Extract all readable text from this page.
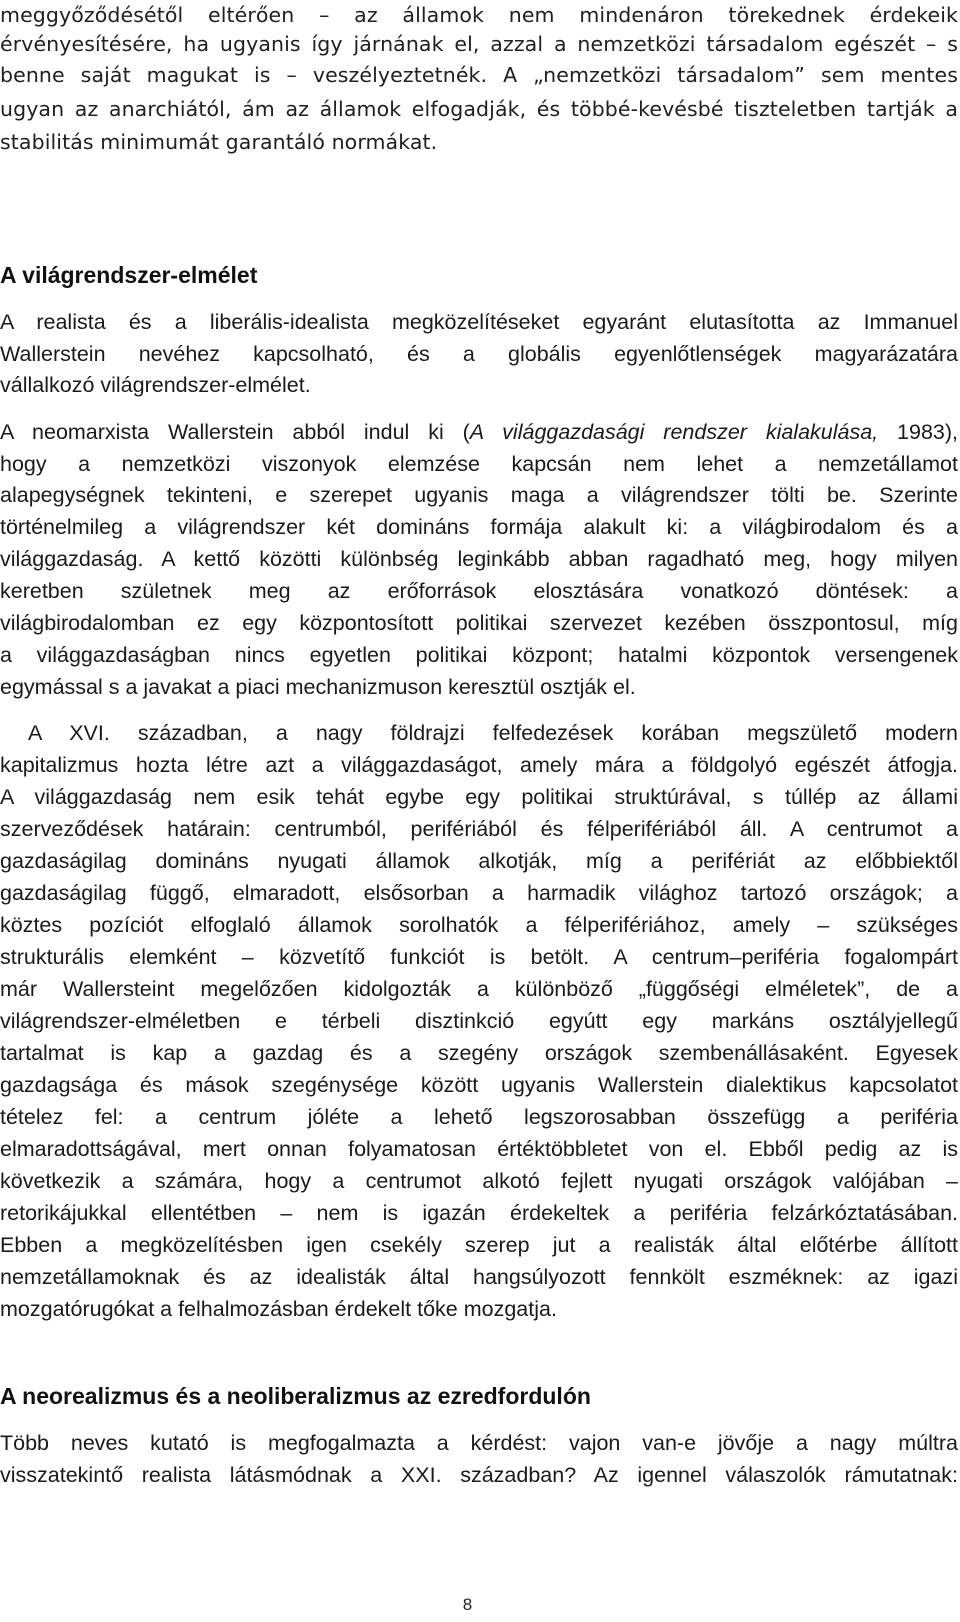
meggyőződésétől eltérően – az államok nem mindenáron törekednek érdekeik

érvényesítésére, ha ugyanis így járnának el, azzal a nemzetközi társadalom egészét – s

benne saját magukat is – veszélyeztetnék. A „nemzetközi társadalom” sem mentes

ugyan az anarchiától, ám az államok elfogadják, és többé-kevésbé tiszteletben tartják a

stabilitás minimumát garantáló normákat.

A világrendszer-elmélet

A realista és a liberális-idealista megközelítéseket egyaránt elutasította az Immanuel

Wallerstein nevéhez kapcsolható, és a globális egyenlőtlenségek magyarázatára

vállalkozó világrendszer-elmélet.

A neomarxista Wallerstein abból indul ki (A világgazdasági rendszer kialakulása, 1983),

hogy a nemzetközi viszonyok elemzése kapcsán nem lehet a nemzetállamot

alapegységnek tekinteni, e szerepet ugyanis maga a világrendszer tölti be. Szerinte

történelmileg a világrendszer két domináns formája alakult ki: a világbirodalom és a

világgazdaság. A kettő közötti különbség leginkább abban ragadható meg, hogy milyen

keretben születnek meg az erőforrások elosztására vonatkozó döntések: a

világbirodalomban ez egy központosított politikai szervezet kezében összpontosul, míg

a világgazdaságban nincs egyetlen politikai központ; hatalmi központok versengenek

egymással s a javakat a piaci mechanizmuson keresztül osztják el.

A XVI. században, a nagy földrajzi felfedezések korában megszülető modern

kapitalizmus hozta létre azt a világgazdaságot, amely mára a földgolyó egészét átfogja.

A világgazdaság nem esik tehát egybe egy politikai struktúrával, s túllép az állami

szerveződések határain: centrumból, perifériából és félperifériából áll. A centrumot a

gazdaságilag domináns nyugati államok alkotják, míg a perifériát az előbbiektől

gazdaságilag függő, elmaradott, elsősorban a harmadik világhoz tartozó országok; a

köztes pozíciót elfoglaló államok sorolhatók a félperifériához, amely – szükséges

strukturális elemként – közvetítő funkciót is betölt. A centrum–periféria fogalompárt

már Wallersteint megelőzően kidolgozták a különböző „függőségi elméletek”, de a

világrendszer-elméletben e térbeli disztinkció egyútt egy markáns osztályjellegű

tartalmat is kap a gazdag és a szegény országok szembenállásaként. Egyesek

gazdagsága és mások szegénysége között ugyanis Wallerstein dialektikus kapcsolatot

tételez fel: a centrum jóléte a lehető legszorosabban összefügg a periféria

elmaradottságával, mert onnan folyamatosan értéktöbbletet von el. Ebből pedig az is

következik a számára, hogy a centrumot alkotó fejlett nyugati országok valójában –

retorikájukkal ellentétben – nem is igazán érdekeltek a periféria felzárkóztatásában.

Ebben a megközelítésben igen csekély szerep jut a realisták által előtérbe állított

nemzetállamoknak és az idealisták által hangsúlyozott fennkölt eszméknek: az igazi

mozgatórugókat a felhalmozásban érdekelt tőke mozgatja.

A neorealizmus és a neoliberalizmus az ezredfordulón

Több neves kutató is megfogalmazta a kérdést: vajon van-e jövője a nagy múltra

visszatekintő realista látásmódnak a XXI. században? Az igennel válaszolók rámutatnak:

8
